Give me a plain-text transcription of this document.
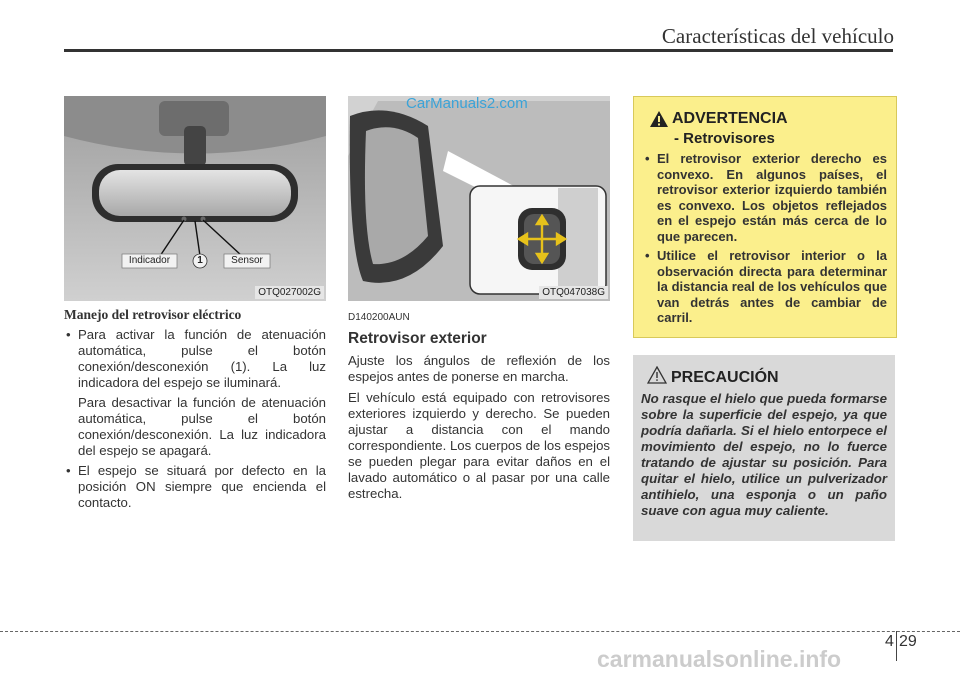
Características del vehículo
Indicador	1	Sensor
OTQ027002G
Manejo del retrovisor eléctrico
• Para activar la función de atenuación automática, pulse el botón conexión/desconexión (1). La luz indicadora del espejo se iluminará.
Para desactivar la función de atenuación automática, pulse el botón conexión/desconexión. La luz indicadora del espejo se apagará.
• El espejo se situará por defecto en la posición ON siempre que encienda el contacto.
CarManuals2.com
OTQ047038G
D140200AUN
Retrovisor exterior

Ajuste los ángulos de reflexión de los espejos antes de ponerse en marcha.

El vehículo está equipado con retrovisores exteriores izquierdo y derecho. Se pueden ajustar a distancia con el mando correspondiente. Los cuerpos de los espejos se pueden plegar para evitar daños en el lavado automático o al pasar por una calle estrecha.

ADVERTENCIA
- Retrovisores
• El retrovisor exterior derecho es convexo. En algunos países, el retrovisor exterior izquierdo también es convexo. Los objetos reflejados en el espejo están más cerca de lo que parecen.
• Utilice el retrovisor interior o la observación directa para determinar la distancia real de los vehículos que van detrás antes de cambiar de carril.
PRECAUCIÓN
No rasque el hielo que pueda formarse sobre la superficie del espejo, ya que podría dañarla. Si el hielo entorpece el movimiento del espejo, no lo fuerce tratando de ajustar su posición. Para quitar el hielo, utilice un pulverizador antihielo, una esponja o un paño suave con agua muy caliente.
4 29
carmanualsonline.info
